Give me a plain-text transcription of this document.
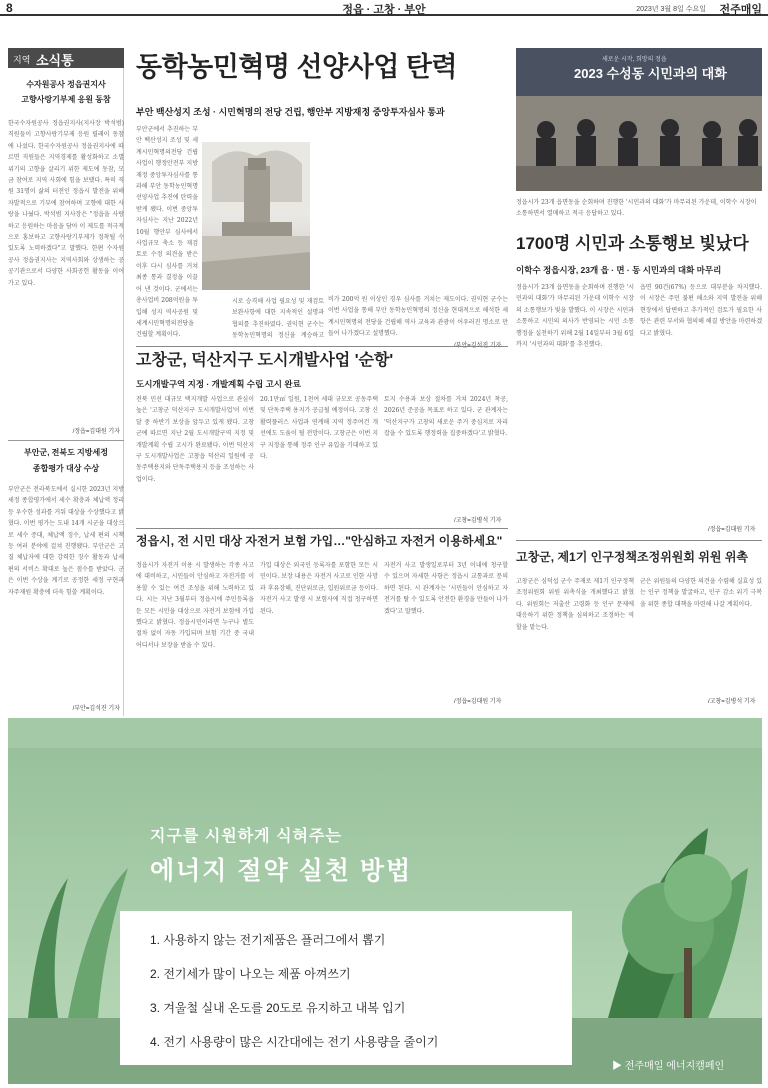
8	정읍 · 고창 · 부안	2023년 3월 8일 수요일 전주매일
지역 소식통
수자원공사 정읍권지사
고향사랑기부제 응원 동참
한국수자원공사 정읍권지사(지사장 박석범) 직원들이 고향사랑기부제 응원 릴레이 동참에 나섰다. 한국수자원공사 정읍권지사에 따르면 직원들은 지역경제를 활성화하고 소멸 위기의 고향을 살리기 위한 제도에 동참, 모금 참여로 지역 사회에 힘을 보탰다. 특히 직원 31명이 삶의 터전인 정읍시 발전을 위해 자발적으로 기부에 참여하며 고향에 대한 사랑을 나눴다. 박석범 지사장은 "정읍을 사랑하고 응원하는 마음을 담아 이 제도를 적극적으로 홍보하고 고향사랑기부제가 정착될 수 있도록 노력하겠다"고 말했다. 한편 수자원공사 정읍권지사는 지역사회와 상생하는 공공기관으로서 다양한 사회공헌 활동을 이어가고 있다.
/정읍=김대원 기자
부안군, 전북도 지방세정
종합평가 대상 수상
부안군은 전라북도에서 실시한 2023년 지방세정 종합평가에서 세수 확충과 체납액 정리 등 우수한 성과를 거둬 대상을 수상했다고 밝혔다. 이번 평가는 도내 14개 시군을 대상으로 세수 증대, 체납액 징수, 납세 편의 시책 등 여러 분야에 걸쳐 진행됐다. 부안군은 고질 체납자에 대한 강력한 징수 활동과 납세 편의 서비스 확대로 높은 점수를 받았다. 군은 이번 수상을 계기로 공정한 세정 구현과 자주재원 확충에 더욱 힘쓸 계획이다.
/부안=김석진 기자
동학농민혁명 선양사업 탄력
부안 백산성지 조성 · 시민혁명의 전당 건립, 행안부 지방재정 중앙투자심사 통과
부안군에서 추진하는 부안 백산성지 조성 및 세계시민혁명의전당 건립사업이 행정안전부 지방재정 중앙투자심사를 통과해 부안 동학농민혁명 선양사업 추진에 탄력을 받게 됐다. 이번 중앙투자심사는 지난 2022년 10월 행안부 심사에서 사업규모 축소 등 재검토로 수정 의견을 받은 이후 다시 심사를 거쳐 최종 통과 결정을 이끌어 낸 것이다. 군에서는 총사업비 208억원을 투입해 성지 역사공원 및 세계시민혁명의전당을 건립할 계획이다.
시로 승격해 사업 필요성 및 재검토 보완사항에 대한 지속적인 설명과 협의를 추진하였다. 권익현 군수는 동학농민혁명의 정신을 계승하고
비가 200억 원 이상인 경우 심사를 거치는 제도이다. 권익현 군수는 이번 사업을 통해 부안 동학농민혁명의 정신을 현대적으로 해석한 세계시민혁명의 전당을 건립해 역사 교육과 관광이 어우러진 명소로 만들어 나가겠다고 설명했다.
/부안=김석진 기자
고창군, 덕산지구 도시개발사업 '순항'
도시개발구역 지정 · 개발계획 수립 고시 완료
전북 민선 대규모 택지개발 사업으로 관심이 높은 '고창군 덕산지구 도시개발사업'이 이번달 중 하반기 보상을 앞두고 있게 됐다. 고창군에 따르면 지난 2월 도시개발구역 지정 및 개발계획 수립 고시가 완료됐다. 이번 덕산지구 도시개발사업은 고창읍 덕산리 일원에 공동주택용지와 단독주택용지 등을 조성하는 사업이다.
20.1만㎡ 일원, 1천여 세대 규모로 공동주택 및 단독주택 용지가 공급될 예정이다. 고창 신활력플러스 사업과 연계해 지역 정주여건 개선에도 도움이 될 전망이다. 고창군은 이번 지구 지정을 통해 정주 인구 유입을 기대하고 있다.
토지 수용과 보상 절차를 거쳐 2024년 착공, 2026년 준공을 목표로 하고 있다. 군 관계자는 '덕산지구가 고창의 새로운 주거 중심지로 자리잡을 수 있도록 행정력을 집중하겠다'고 밝혔다.
/고창=김병석 기자
정읍시, 전 시민 대상 자전거 보험 가입…"안심하고 자전거 이용하세요"
정읍시가 자전거 이용 시 발생하는 각종 사고에 대비하고, 시민들이 안심하고 자전거를 이용할 수 있는 여건 조성을 위해 노력하고 있다. 시는 지난 3월부터 정읍시에 주민등록을 둔 모든 시민을 대상으로 자전거 보험에 가입했다고 밝혔다. 정읍시민이라면 누구나 별도 절차 없이 자동 가입되며 보험 기간 중 국내 어디서나 보장을 받을 수 있다.
가입 대상은 외국인 등록자를 포함한 모든 시민이다. 보장 내용은 자전거 사고로 인한 사망과 후유장해, 진단위로금, 입원위로금 등이다. 자전거 사고 발생 시 보험사에 직접 청구하면 된다.
자전거 사고 발생일로부터 3년 이내에 청구할 수 있으며 자세한 사항은 정읍시 교통과로 문의하면 된다. 시 관계자는 '시민들이 안심하고 자전거를 탈 수 있도록 안전한 환경을 만들어 나가겠다'고 말했다.
/정읍=김대원 기자
새로운 시작, 희망의 정읍
2023 수성동 시민과의 대화
정읍시가 23개 읍면동을 순회하며 진행한 '시민과의 대화'가 마무리된 가운데, 이학수 시장이 소통하면서 열매하고 적극 응답하고 있다.
1700명 시민과 소통행보 빛났다
이학수 정읍시장, 23개 읍 · 면 · 동 시민과의 대화 마무리
정읍시가 23개 읍면동을 순회하며 진행한 '시민과의 대화'가 마무리된 가운데 이학수 시장의 소통행보가 빛을 발했다. 이 시장은 시민과 소통하고 시민의 의사가 반영되는 시민 소통행정을 실천하기 위해 2월 14일부터 3월 6일까지 '시민과의 대화'를 추진했다.
읍면 90건(67%) 등으로 대부분을 차지했다. 이 시장은 주민 불편 해소와 지역 발전을 위해 현장에서 답변하고 추가적인 검토가 필요한 사항은 관련 부서와 협의해 해결 방안을 마련하겠다고 밝혔다.
/정읍=김대원 기자
고창군, 제1기 인구정책조정위원회 위원 위촉
고창군은 심덕섭 군수 주재로 제1기 인구정책조정위원회 위원 위촉식을 개최했다고 밝혔다. 위원회는 저출산 고령화 등 인구 문제에 대응하기 위한 정책을 심의하고 조정하는 역할을 맡는다.
군은 위원들의 다양한 의견을 수렴해 실효성 있는 인구 정책을 발굴하고, 인구 감소 위기 극복을 위한 종합 대책을 마련해 나갈 계획이다.
/고창=김병석 기자
지구를 시원하게 식혀주는
에너지 절약 실천 방법
1. 사용하지 않는 전기제품은 플러그에서 뽑기
2. 전기세가 많이 나오는 제품 아껴쓰기
3. 겨울철 실내 온도를 20도로 유지하고 내복 입기
4. 전기 사용량이 많은 시간대에는 전기 사용량을 줄이기
▶ 전주매일 에너지캠페인
